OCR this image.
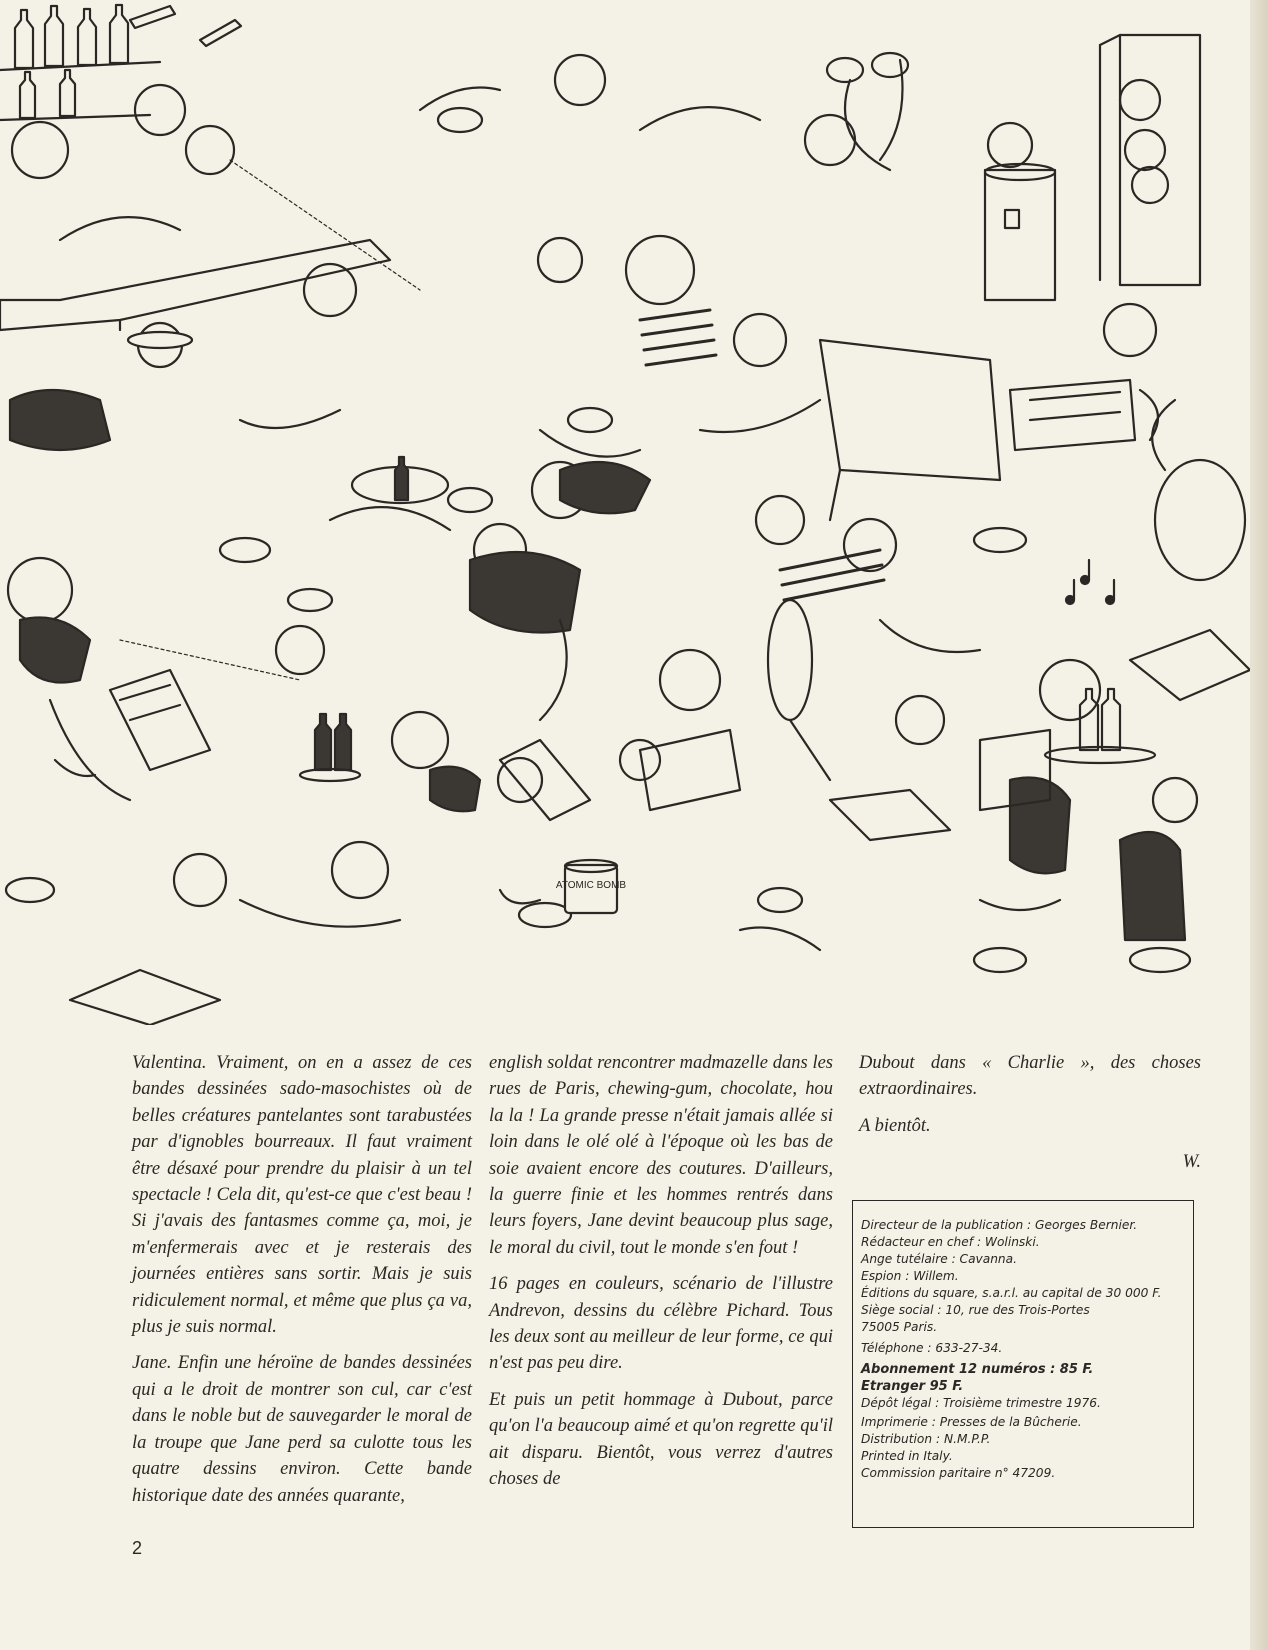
ATOMIC BOMB

Valentina. Vraiment, on en a assez de ces bandes dessinées sado-masochistes où de belles créatures pantelantes sont tarabustées par d'ignobles bourreaux. Il faut vraiment être désaxé pour prendre du plaisir à un tel spectacle ! Cela dit, qu'est-ce que c'est beau ! Si j'avais des fantasmes comme ça, moi, je m'enfermerais avec et je resterais des journées entières sans sortir. Mais je suis ridiculement normal, et même que plus ça va, plus je suis normal.

Jane. Enfin une héroïne de bandes dessinées qui a le droit de montrer son cul, car c'est dans le noble but de sauvegarder le moral de la troupe que Jane perd sa culotte tous les quatre dessins environ. Cette bande historique date des années quarante,

english soldat rencontrer madmazelle dans les rues de Paris, chewing-gum, chocolate, hou la la ! La grande presse n'était jamais allée si loin dans le olé olé à l'époque où les bas de soie avaient encore des coutures. D'ailleurs, la guerre finie et les hommes rentrés dans leurs foyers, Jane devint beaucoup plus sage, le moral du civil, tout le monde s'en fout !

16 pages en couleurs, scénario de l'illustre Andrevon, dessins du célèbre Pichard. Tous les deux sont au meilleur de leur forme, ce qui n'est pas peu dire.

Et puis un petit hommage à Dubout, parce qu'on l'a beaucoup aimé et qu'on regrette qu'il ait disparu. Bientôt, vous verrez d'autres choses de

Dubout dans « Charlie », des choses extraordinaires.

A bientôt.

W.
Directeur de la publication : Georges Bernier.
Rédacteur en chef : Wolinski.
Ange tutélaire : Cavanna.
Espion : Willem.
Éditions du square, s.a.r.l. au capital de 30 000 F.
Siège social : 10, rue des Trois-Portes
75005 Paris.
Téléphone : 633-27-34.
Abonnement 12 numéros : 85 F.
Etranger 95 F.
Dépôt légal : Troisième trimestre 1976.
Imprimerie : Presses de la Bûcherie.
Distribution : N.M.P.P.
Printed in Italy.
Commission paritaire n° 47209.
2
